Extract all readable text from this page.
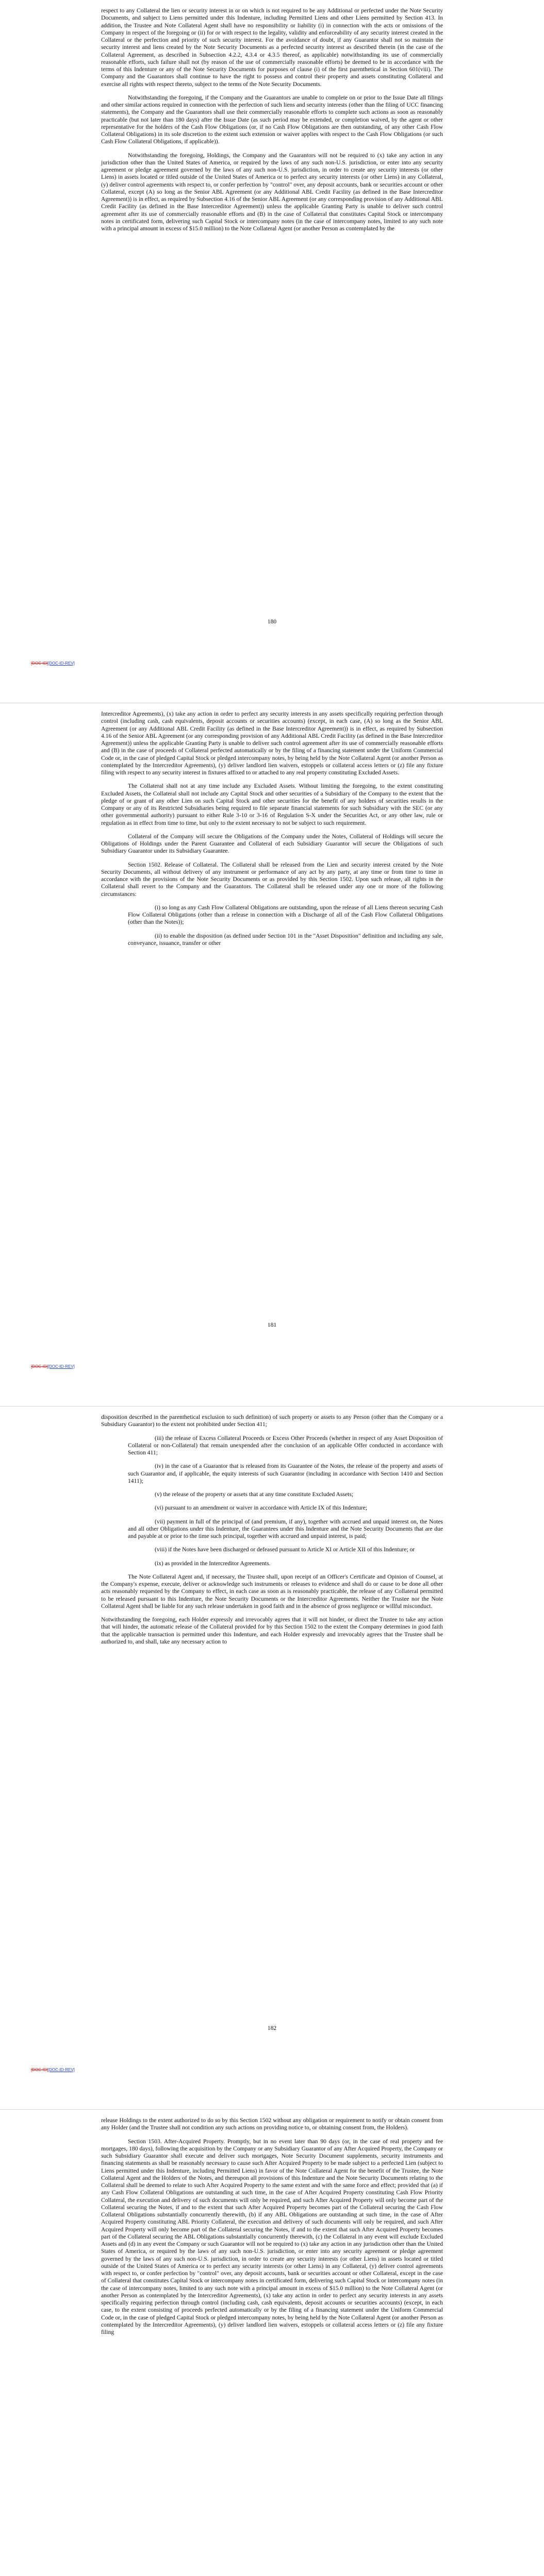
respect to any Collateral the lien or security interest in or on which is not required to be any Additional or perfected under the Note Security Documents, and subject to Liens permitted under this Indenture, including Permitted Liens and other Liens permitted by Section 413. In addition, the Trustee and Note Collateral Agent shall have no responsibility or liability (i) in connection with the acts or omissions of the Company in respect of the foregoing or (ii) for or with respect to the legality, validity and enforceability of any security interest created in the Collateral or the perfection and priority of such security interest. For the avoidance of doubt, if any Guarantor shall not so maintain the security interest and liens created by the Note Security Documents as a perfected security interest as described therein (in the case of the Collateral Agreement, as described in Subsection 4.2.2, 4.3.4 or 4.3.5 thereof, as applicable) notwithstanding its use of commercially reasonable efforts, such failure shall not (by reason of the use of commercially reasonable efforts) be deemed to be in accordance with the terms of this Indenture or any of the Note Security Documents for purposes of clause (i) of the first parenthetical in Section 601(viii). The Company and the Guarantors shall continue to have the right to possess and control their property and assets constituting Collateral and exercise all rights with respect thereto, subject to the terms of the Note Security Documents.

Notwithstanding the foregoing, if the Company and the Guarantors are unable to complete on or prior to the Issue Date all filings and other similar actions required in connection with the perfection of such liens and security interests (other than the filing of UCC financing statements), the Company and the Guarantors shall use their commercially reasonable efforts to complete such actions as soon as reasonably practicable (but not later than 180 days) after the Issue Date (as such period may be extended, or completion waived, by the agent or other representative for the holders of the Cash Flow Obligations (or, if no Cash Flow Obligations are then outstanding, of any other Cash Flow Collateral Obligations) in its sole discretion to the extent such extension or waiver applies with respect to the Cash Flow Obligations (or such Cash Flow Collateral Obligations, if applicable)).

Notwithstanding the foregoing, Holdings, the Company and the Guarantors will not be required to (x) take any action in any jurisdiction other than the United States of America, or required by the laws of any such non-U.S. jurisdiction, or enter into any security agreement or pledge agreement governed by the laws of any such non-U.S. jurisdiction, in order to create any security interests (or other Liens) in assets located or titled outside of the United States of America or to perfect any security interests (or other Liens) in any Collateral, (y) deliver control agreements with respect to, or confer perfection by "control" over, any deposit accounts, bank or securities account or other Collateral, except (A) so long as the Senior ABL Agreement (or any Additional ABL Credit Facility (as defined in the Base Intercreditor Agreement)) is in effect, as required by Subsection 4.16 of the Senior ABL Agreement (or any corresponding provision of any Additional ABL Credit Facility (as defined in the Base Intercreditor Agreement)) unless the applicable Granting Party is unable to deliver such control agreement after its use of commercially reasonable efforts and (B) in the case of Collateral that constitutes Capital Stock or intercompany notes in certificated form, delivering such Capital Stock or intercompany notes (in the case of intercompany notes, limited to any such note with a principal amount in excess of $15.0 million) to the Note Collateral Agent (or another Person as contemplated by the

180
[DOC-ID][DOC-ID-REV]

Intercreditor Agreements), (x) take any action in order to perfect any security interests in any assets specifically requiring perfection through control (including cash, cash equivalents, deposit accounts or securities accounts) (except, in each case, (A) so long as the Senior ABL Agreement (or any Additional ABL Credit Facility (as defined in the Base Intercreditor Agreement)) is in effect, as required by Subsection 4.16 of the Senior ABL Agreement (or any corresponding provision of any Additional ABL Credit Facility (as defined in the Base Intercreditor Agreement)) unless the applicable Granting Party is unable to deliver such control agreement after its use of commercially reasonable efforts and (B) in the case of proceeds of Collateral perfected automatically or by the filing of a financing statement under the Uniform Commercial Code or, in the case of pledged Capital Stock or pledged intercompany notes, by being held by the Note Collateral Agent (or another Person as contemplated by the Intercreditor Agreements), (y) deliver landlord lien waivers, estoppels or collateral access letters or (z) file any fixture filing with respect to any security interest in fixtures affixed to or attached to any real property constituting Excluded Assets.

The Collateral shall not at any time include any Excluded Assets. Without limiting the foregoing, to the extent constituting Excluded Assets, the Collateral shall not include any Capital Stock and other securities of a Subsidiary of the Company to the extent that the pledge of or grant of any other Lien on such Capital Stock and other securities for the benefit of any holders of securities results in the Company or any of its Restricted Subsidiaries being required to file separate financial statements for such Subsidiary with the SEC (or any other governmental authority) pursuant to either Rule 3-10 or 3-16 of Regulation S-X under the Securities Act, or any other law, rule or regulation as in effect from time to time, but only to the extent necessary to not be subject to such requirement.

Collateral of the Company will secure the Obligations of the Company under the Notes, Collateral of Holdings will secure the Obligations of Holdings under the Parent Guarantee and Collateral of each Subsidiary Guarantor will secure the Obligations of such Subsidiary Guarantor under its Subsidiary Guarantee.

Section 1502. Release of Collateral. The Collateral shall be released from the Lien and security interest created by the Note Security Documents, all without delivery of any instrument or performance of any act by any party, at any time or from time to time in accordance with the provisions of the Note Security Documents or as provided by this Section 1502. Upon such release, all rights in the Collateral shall revert to the Company and the Guarantors. The Collateral shall be released under any one or more of the following circumstances:

(i) so long as any Cash Flow Collateral Obligations are outstanding, upon the release of all Liens thereon securing Cash Flow Collateral Obligations (other than a release in connection with a Discharge of all of the Cash Flow Collateral Obligations (other than the Notes));

(ii) to enable the disposition (as defined under Section 101 in the "Asset Disposition" definition and including any sale, conveyance, issuance, transfer or other

181
[DOC-ID][DOC-ID-REV]

disposition described in the parenthetical exclusion to such definition) of such property or assets to any Person (other than the Company or a Subsidiary Guarantor) to the extent not prohibited under Section 411;

(iii) the release of Excess Collateral Proceeds or Excess Other Proceeds (whether in respect of any Asset Disposition of Collateral or non-Collateral) that remain unexpended after the conclusion of an applicable Offer conducted in accordance with Section 411;

(iv) in the case of a Guarantor that is released from its Guarantee of the Notes, the release of the property and assets of such Guarantor and, if applicable, the equity interests of such Guarantor (including in accordance with Section 1410 and Section 1411);

(v) the release of the property or assets that at any time constitute Excluded Assets;

(vi) pursuant to an amendment or waiver in accordance with Article IX of this Indenture;

(vii) payment in full of the principal of (and premium, if any), together with accrued and unpaid interest on, the Notes and all other Obligations under this Indenture, the Guarantees under this Indenture and the Note Security Documents that are due and payable at or prior to the time such principal, together with accrued and unpaid interest, is paid;

(viii) if the Notes have been discharged or defeased pursuant to Article XI or Article XII of this Indenture; or

(ix) as provided in the Intercreditor Agreements.

The Note Collateral Agent and, if necessary, the Trustee shall, upon receipt of an Officer's Certificate and Opinion of Counsel, at the Company's expense, execute, deliver or acknowledge such instruments or releases to evidence and shall do or cause to be done all other acts reasonably requested by the Company to effect, in each case as soon as is reasonably practicable, the release of any Collateral permitted to be released pursuant to this Indenture, the Note Security Documents or the Intercreditor Agreements. Neither the Trustee nor the Note Collateral Agent shall be liable for any such release undertaken in good faith and in the absence of gross negligence or willful misconduct.

Notwithstanding the foregoing, each Holder expressly and irrevocably agrees that it will not hinder, or direct the Trustee to take any action that will hinder, the automatic release of the Collateral provided for by this Section 1502 to the extent the Company determines in good faith that the applicable transaction is permitted under this Indenture, and each Holder expressly and irrevocably agrees that the Trustee shall be authorized to, and shall, take any necessary action to

182
[DOC-ID][DOC-ID-REV]

release Holdings to the extent authorized to do so by this Section 1502 without any obligation or requirement to notify or obtain consent from any Holder (and the Trustee shall not condition any such actions on providing notice to, or obtaining consent from, the Holders).

Section 1503. After-Acquired Property. Promptly, but in no event later than 90 days (or, in the case of real property and fee mortgages, 180 days), following the acquisition by the Company or any Subsidiary Guarantor of any After Acquired Property, the Company or such Subsidiary Guarantor shall execute and deliver such mortgages, Note Security Document supplements, security instruments and financing statements as shall be reasonably necessary to cause such After Acquired Property to be made subject to a perfected Lien (subject to Liens permitted under this Indenture, including Permitted Liens) in favor of the Note Collateral Agent for the benefit of the Trustee, the Note Collateral Agent and the Holders of the Notes, and thereupon all provisions of this Indenture and the Note Security Documents relating to the Collateral shall be deemed to relate to such After Acquired Property to the same extent and with the same force and effect; provided that (a) if any Cash Flow Collateral Obligations are outstanding at such time, in the case of After Acquired Property constituting Cash Flow Priority Collateral, the execution and delivery of such documents will only be required, and such After Acquired Property will only become part of the Collateral securing the Notes, if and to the extent that such After Acquired Property becomes part of the Collateral securing the Cash Flow Collateral Obligations substantially concurrently therewith, (b) if any ABL Obligations are outstanding at such time, in the case of After Acquired Property constituting ABL Priority Collateral, the execution and delivery of such documents will only be required, and such After Acquired Property will only become part of the Collateral securing the Notes, if and to the extent that such After Acquired Property becomes part of the Collateral securing the ABL Obligations substantially concurrently therewith, (c) the Collateral in any event will exclude Excluded Assets and (d) in any event the Company or such Guarantor will not be required to (x) take any action in any jurisdiction other than the United States of America, or required by the laws of any such non-U.S. jurisdiction, or enter into any security agreement or pledge agreement governed by the laws of any such non-U.S. jurisdiction, in order to create any security interests (or other Liens) in assets located or titled outside of the United States of America or to perfect any security interests (or other Liens) in any Collateral, (y) deliver control agreements with respect to, or confer perfection by "control" over, any deposit accounts, bank or securities account or other Collateral, except in the case of Collateral that constitutes Capital Stock or intercompany notes in certificated form, delivering such Capital Stock or intercompany notes (in the case of intercompany notes, limited to any such note with a principal amount in excess of $15.0 million) to the Note Collateral Agent (or another Person as contemplated by the Intercreditor Agreements), (x) take any action in order to perfect any security interests in any assets specifically requiring perfection through control (including cash, cash equivalents, deposit accounts or securities accounts) (except, in each case, to the extent consisting of proceeds perfected automatically or by the filing of a financing statement under the Uniform Commercial Code or, in the case of pledged Capital Stock or pledged intercompany notes, by being held by the Note Collateral Agent (or another Person as contemplated by the Intercreditor Agreements), (y) deliver landlord lien waivers, estoppels or collateral access letters or (z) file any fixture filing
